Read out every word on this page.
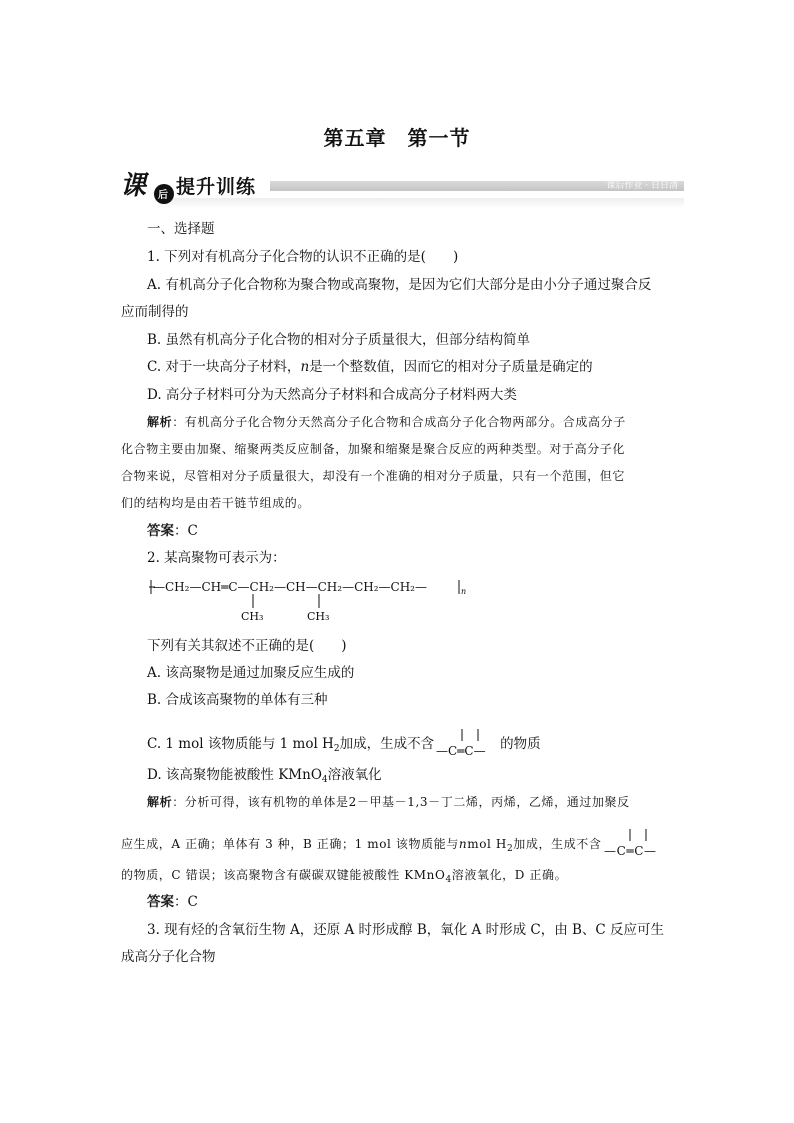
第五章　第一节
课	后 提升训练	课后作业 · 日日清
一、选择题
1. 下列对有机高分子化合物的认识不正确的是(　　)
A. 有机高分子化合物称为聚合物或高聚物，是因为它们大部分是由小分子通过聚合反
应而制得的
B. 虽然有机高分子化合物的相对分子质量很大，但部分结构简单
C. 对于一块高分子材料，n是一个整数值，因而它的相对分子质量是确定的
D. 高分子材料可分为天然高分子材料和合成高分子材料两大类
解析：有机高分子化合物分天然高分子化合物和合成高分子化合物两部分。合成高分子
化合物主要由加聚、缩聚两类反应制备，加聚和缩聚是聚合反应的两种类型。对于高分子化
合物来说，尽管相对分子质量很大，却没有一个准确的相对分子质量，只有一个范围，但它
们的结构均是由若干链节组成的。
答案：C
2. 某高聚物可表示为：
—CH₂—CH═C—CH₂—CH—CH₂—CH₂—CH₂—	n
CH₃	CH₃
下列有关其叙述不正确的是(　　)
A. 该高聚物是通过加聚反应生成的
B. 合成该高聚物的单体有三种
C. 1 mol 该物质能与 1 mol $H_2$加成，生成不含 —C═C— 的物质
D. 该高聚物能被酸性 KMnO$_4$溶液氧化
解析：分析可得，该有机物的单体是2－甲基－1,3－丁二烯，丙烯，乙烯，通过加聚反
应生成，A 正确；单体有 3 种，B 正确；1 mol 该物质能与nmol $H_2$加成，生成不含 —C═C—
的物质，C 错误；该高聚物含有碳碳双键能被酸性 KMnO$_4$溶液氧化，D 正确。
答案：C
3. 现有烃的含氧衍生物 A，还原 A 时形成醇 B，氧化 A 时形成 C，由 B、C 反应可生
成高分子化合物
